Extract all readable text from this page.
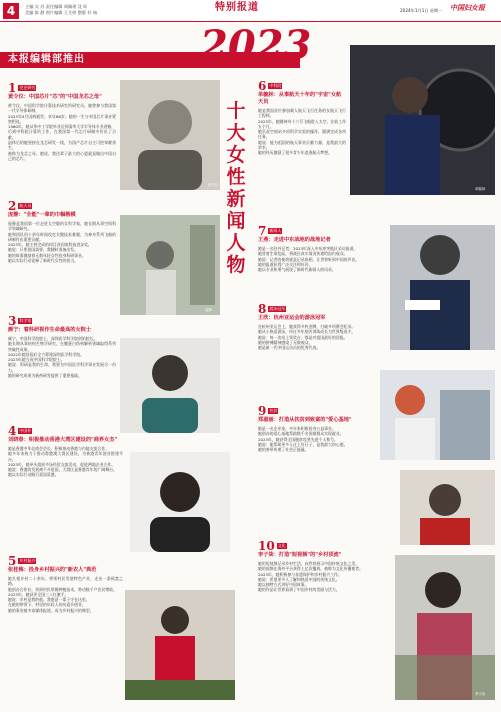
4	主编 吴 苏 责任编辑 周佩瑶 沈 昕
美编 陈 静 图片编辑 王艾婷 整版 杜 杨	特别报道	2024年1月1日 星期一 中国妇女报
本报编辑部推出	2023
十大女性新闻人物
黄令仪
庞静
单毓林
李子柒
1 党史研究
黄令仪：中国芯片"芯"的"中国龙芯之母"
黄令仪，中国科学院计算技术研究所研究员。她曾参与我国第一代半导体研制，
2023年4月因病逝世，享年86岁。她的一生与中国芯片事业紧密相连。
1960年，她从华中工学院毕业后到清华大学半导体专业进修，
后到中科院计算所工作，在我国第一代芯片研制中作出了贡献。
退休后的她坚持在龙芯研发一线，为国产芯片自主可控奉献余生，
被称为龙芯之母。她说，我这辈子最大的心愿就是做出中国自己的芯片。
2 航天员
庞静："全能"一辈的巾帼楷模
庞静是我国第一位走进太空舱的女科学家，她长期从事空间科学领域研究。
她和团队用十余年时间攻克关键技术难题，为神舟系列飞船的研制作出重要贡献。
2023年，她主持完成的项目获国家科技进步奖。
她说：只要祖国需要，我随时准备出发。
她的故事激励着无数年轻女性投身科研事业。
她以实际行动诠释了新时代女性的担当。
3 科学家
颜宁：着科研视作生命最高的女院士
颜宁，中国科学院院士，深圳医学科学院创始院长。
她长期从事结构生物学研究，在膜蛋白结构解析领域取得系列突破性成果。
2022年她回国后全力筹建深圳医学科学院。
2023年她当选中国科学院院士。
她说：科研是我的生命，我要为中国医学科学事业发展尽一份力。
她的研究成果为新药研发提供了重要基础。
4 中国杯
刘晓春：积极推动香港大湾区建设的"商界女杰"
她是香港中华总商会会长，积极推动香港与内地交流合作。
她多年来致力于推动粤港澳大湾区建设，为香港青年创业搭建平台。
2023年，她牵头组织多场经贸交流活动，促进两地企业合作。
她说：香港的发展离不开祖国，大湾区是香港青年的广阔舞台。
她以实际行动践行爱国爱港。
5 乡村振兴
张桂梅：投身乡村振兴的"新农人"典范
她扎根乡村二十余年，带领村民发展特色产业，走出一条致富之路。
她创办合作社，培训村民掌握种植技术，带动数千户农民增收。
2023年，她获评全国三八红旗手。
她说：乡村是我的根，我愿意一辈子守在这里。
在她的带领下，村里的年轻人纷纷返乡创业。
她的事迹被多家媒体报道，成为乡村振兴的典型。
6 中科院
单毓林：从事航天十年的"宇宙"女航天员
她是我国首位参加载人航天飞行任务的女航天飞行工程师。
2023年，她随神舟十六号飞船进入太空，在轨工作五个月。
她负责空间站多项科学实验的操作，圆满完成各项任务。
她说：能为祖国的航天事业贡献力量，是我最大的荣幸。
她的经历激励了很多青少年追逐航天梦想。
7 新闻人
王燕：走进中东战地的战地记者
她是一名驻外记者，2023年深入中东冲突地区采访报道。
她冒着生命危险，将战区真实情况传递给国内观众。
她说：记者的使命就是记录真相，让世界听到中国的声音。
她的报道获得广泛关注和好评。
她以专业和勇气展现了新时代新闻人的风采。
8 游泳冠军
王欣：杭州亚运会的游泳冠军
在杭州亚运会上，她获得多枚金牌，打破多项赛会纪录。
她从小热爱游泳，经过多年刻苦训练成长为世界级选手。
她说：每一次站上领奖台，都是对祖国最好的回报。
她的拼搏精神感染了无数观众。
她是新一代中国运动员的优秀代表。
9 扶贫
郑淑丽：打造从扶贫到致富的"爱心基地"
她是一名企业家，多年来积极投身公益事业。
她创办的爱心基地帮助数千名困难群众实现就业。
2023年，她获得全国脱贫攻坚先进个人称号。
她说：能帮助更多人过上好日子，是我最大的心愿。
她的善举传递了社会正能量。
10 文化
李子柒：打造"短视频"的"乡村顶流"
她用短视频记录乡村生活，向世界展示中国传统文化之美。
她的视频在海外平台获得上亿次播放，被称为文化传播使者。
2023年，她积极参与非遗保护和乡村振兴工作。
她说：希望更多人了解和热爱中国的传统文化。
她以独特方式讲好中国故事。
她的作品让世界看到了中国乡村的美丽与活力。
